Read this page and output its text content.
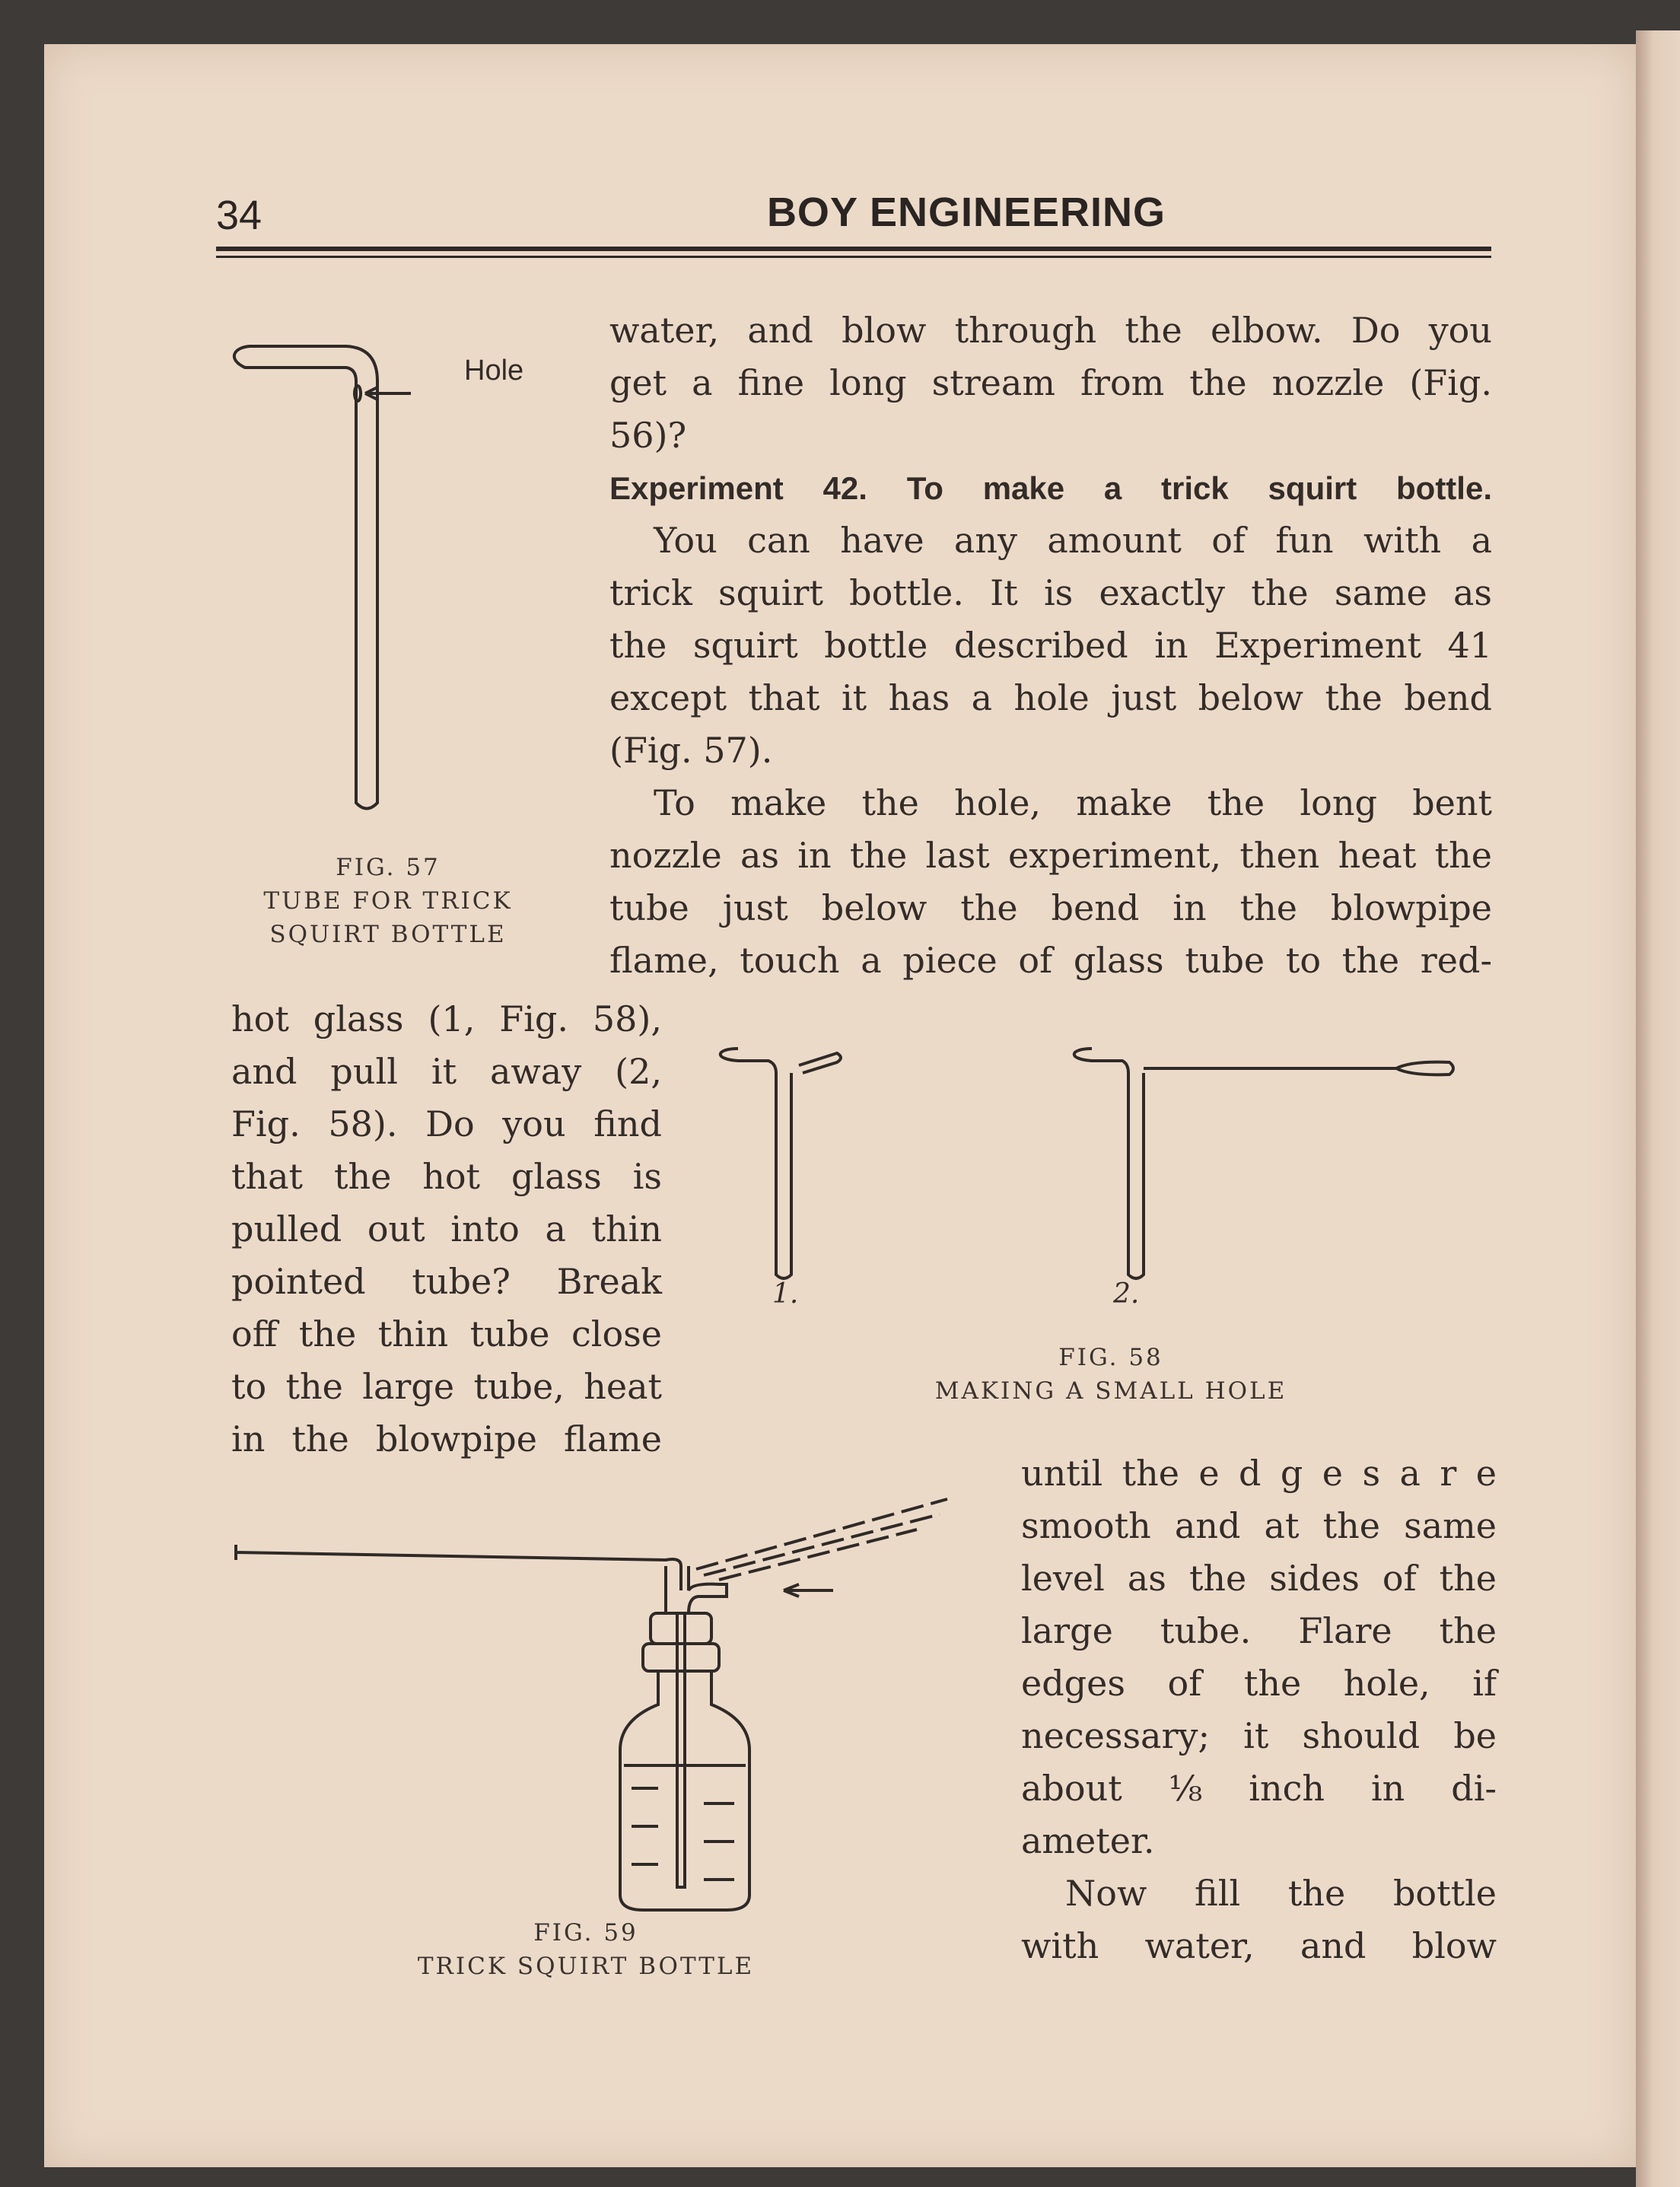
34	BOY ENGINEERING
Hole
FIG. 57
TUBE FOR TRICK
SQUIRT BOTTLE
water, and blow through the elbow. Do you
get a fine long stream from the nozzle (Fig.
56)?
Experiment 42. To make a trick squirt bottle.
You can have any amount of fun with a
trick squirt bottle. It is exactly the same as
the squirt bottle described in Experiment 41
except that it has a hole just below the bend
(Fig. 57).
To make the hole, make the long bent
nozzle as in the last experiment, then heat the
tube just below the bend in the blowpipe
flame, touch a piece of glass tube to the red-
hot glass (1, Fig. 58),
and pull it away (2,
Fig. 58). Do you find
that the hot glass is
pulled out into a thin
pointed tube? Break
off the thin tube close
to the large tube, heat
in the blowpipe flame
until the e d g e s a r e
smooth and at the same
level as the sides of the
large tube. Flare the
edges of the hole, if
necessary; it should be
about ⅛ inch in di-
ameter.
Now fill the bottle
with water, and blow
1.	2.
FIG. 58
MAKING A SMALL HOLE
FIG. 59
TRICK SQUIRT BOTTLE
